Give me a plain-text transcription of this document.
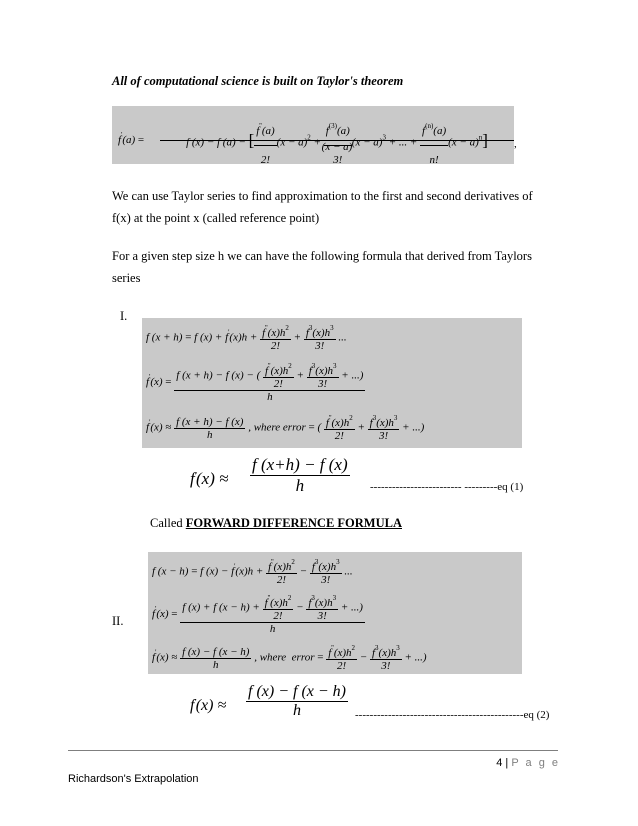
All of computational science is built on Taylor's theorem
f'(a) =	f (x) − f (a) − [ $\frac{f''(a)}{2!} (x - a)^2 + \frac{f^{(3)}(a)}{3!} (x - a)^3$ + ... + $\frac{f^{(n)}(a)}{n!} (x - a)^n$]
(x − a)	,
We can use Taylor series to find approximation to the first and second derivatives of f(x) at the point x (called reference point)
For a given step size h we can have the following formula that derived from Taylors series
I.
f (x + h) = f $(x) + f'(x)h + \frac{f''(x)h^2}{2!} + \frac{f^3(x)h^3}{3!}$ ...
$f'(x) = \frac{f (x + h) - f (x) - ( \frac{f''(x)h^2}{2!} + \frac{f^3(x)h^3}{3!} + ...)}{h}$
$f'(x) \approx \frac{f (x + h) - f (x)}{h}$ , where error = ( $\frac{f''(x)h^2}{2!} + \frac{f^3(x)h^3}{3!}$ + ...)
f'(x) ≈
f (x+h) − f (x)
h	------------------------- ---------eq (1)
Called FORWARD DIFFERENCE FORMULA
II.
f (x − h) = f $(x) - f'(x)h + \frac{f''(x)h^2}{2!} - \frac{f^3(x)h^3}{3!}$ ...
$f'(x) = \frac{f (x) + f (x - h) + \frac{f''(x)h^2}{2!} - \frac{f^3(x)h^3}{3!} + ...)}{h}$
$f'(x) \approx \frac{f (x) - f (x - h)}{h}$ , where  error = $\frac{f''(x)h^2}{2!} - \frac{f^3(x)h^3}{3!}$ + ...)
f'(x) ≈
f (x) − f (x − h)
h	----------------------------------------------eq (2)
4 | P a g e
Richardson's Extrapolation
